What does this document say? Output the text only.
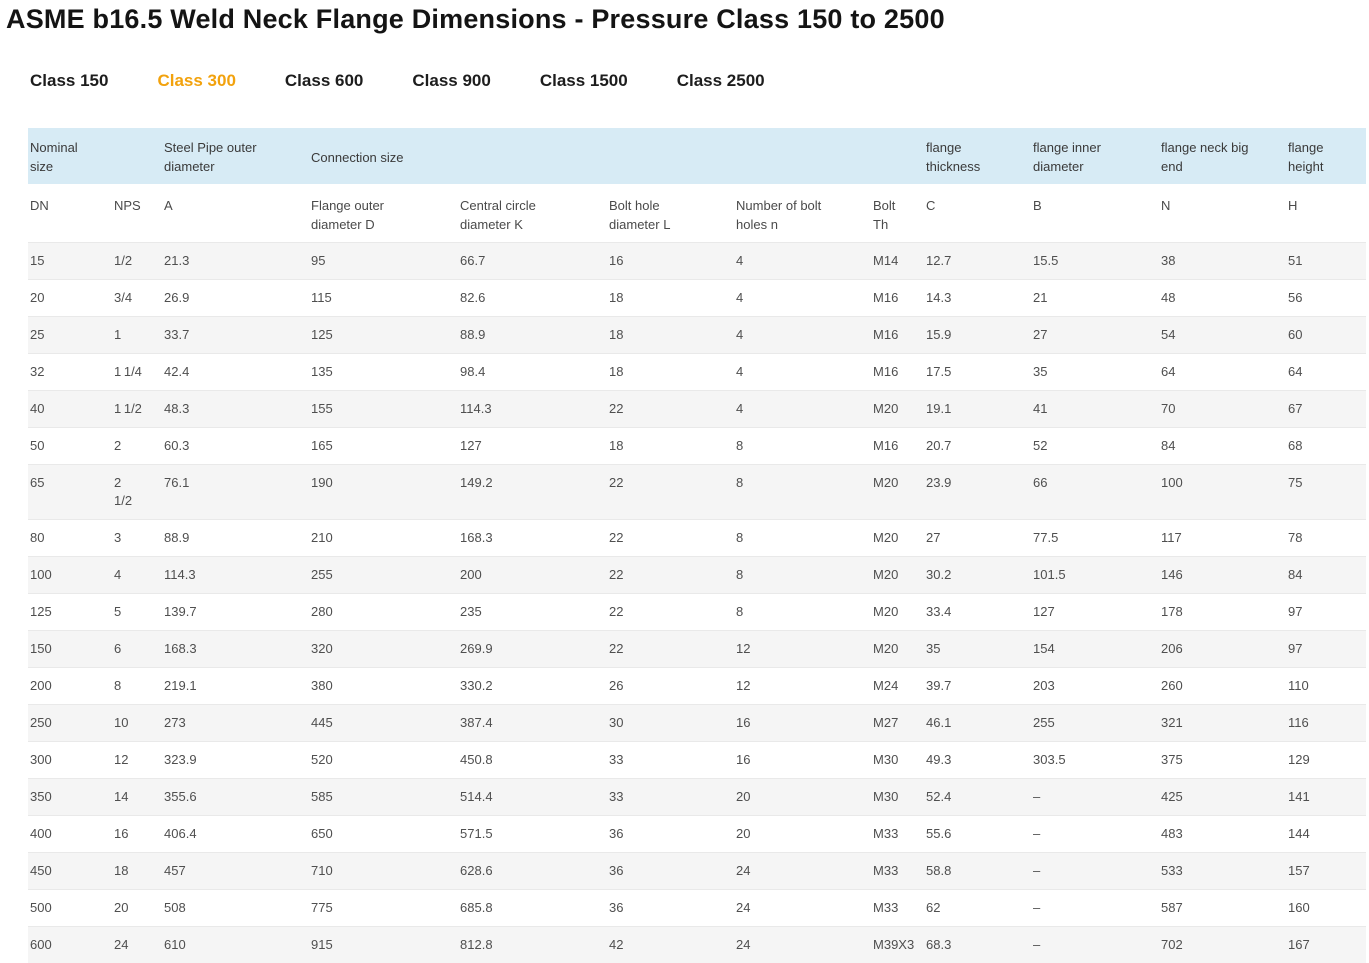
ASME b16.5 Weld Neck Flange Dimensions - Pressure Class 150 to 2500
Class 150	Class 300	Class 600	Class 900	Class 1500	Class 2500
Nominal size		Steel Pipe outer diameter	Connection size					flange thickness	flange inner diameter	flange neck big end	flange height
DN	NPS	A	Flange outer diameter D	Central circle diameter K	Bolt hole diameter L	Number of bolt holes n	Bolt Th	C	B	N	H
15	1/2	21.3	95	66.7	16	4	M14	12.7	15.5	38	51
20	3/4	26.9	115	82.6	18	4	M16	14.3	21	48	56
25	1	33.7	125	88.9	18	4	M16	15.9	27	54	60
32	1 1/4	42.4	135	98.4	18	4	M16	17.5	35	64	64
40	1 1/2	48.3	155	114.3	22	4	M20	19.1	41	70	67
50	2	60.3	165	127	18	8	M16	20.7	52	84	68
65	2 1/2	76.1	190	149.2	22	8	M20	23.9	66	100	75
80	3	88.9	210	168.3	22	8	M20	27	77.5	117	78
100	4	114.3	255	200	22	8	M20	30.2	101.5	146	84
125	5	139.7	280	235	22	8	M20	33.4	127	178	97
150	6	168.3	320	269.9	22	12	M20	35	154	206	97
200	8	219.1	380	330.2	26	12	M24	39.7	203	260	110
250	10	273	445	387.4	30	16	M27	46.1	255	321	116
300	12	323.9	520	450.8	33	16	M30	49.3	303.5	375	129
350	14	355.6	585	514.4	33	20	M30	52.4	–	425	141
400	16	406.4	650	571.5	36	20	M33	55.6	–	483	144
450	18	457	710	628.6	36	24	M33	58.8	–	533	157
500	20	508	775	685.8	36	24	M33	62	–	587	160
600	24	610	915	812.8	42	24	M39X3	68.3	–	702	167
